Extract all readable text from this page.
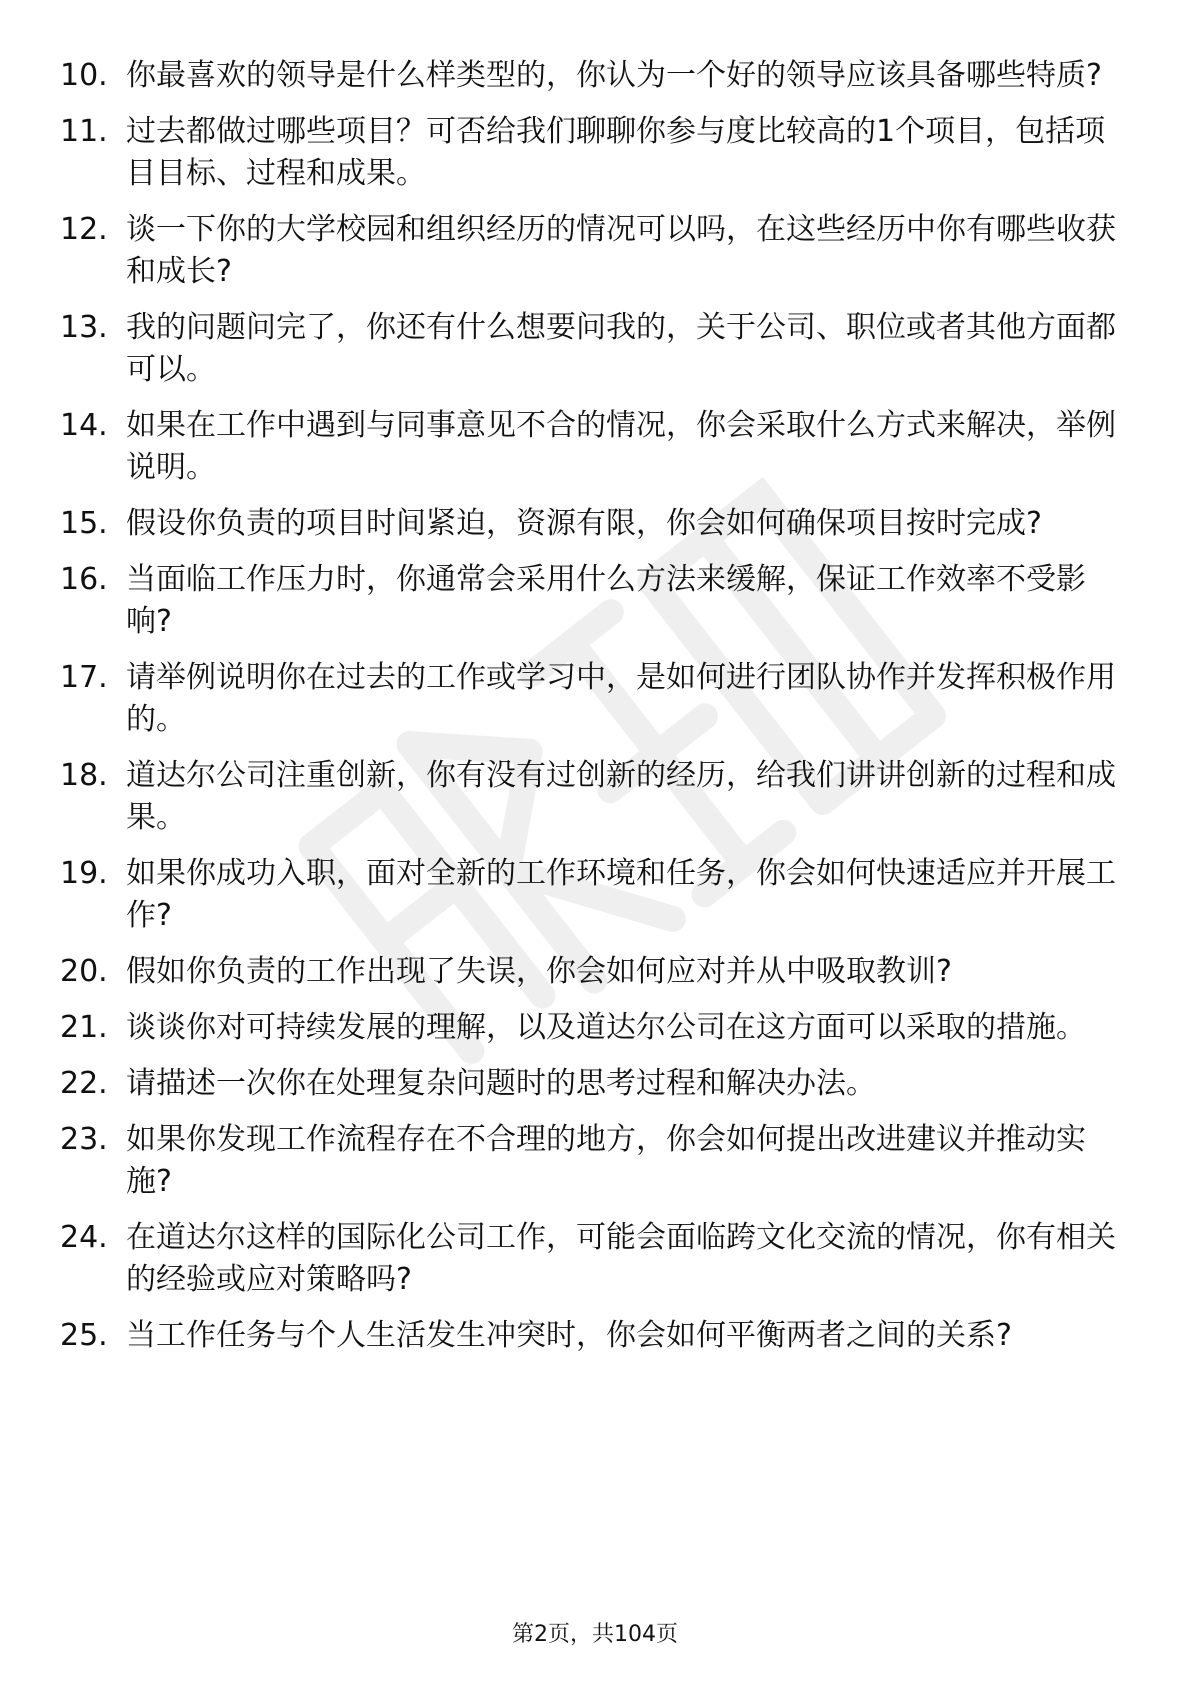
10. 你最喜欢的领导是什么样类型的，你认为一个好的领导应该具备哪些特质?
11. 过去都做过哪些项目？可否给我们聊聊你参与度比较高的1个项目，包括项目目标、过程和成果。
12. 谈一下你的大学校园和组织经历的情况可以吗，在这些经历中你有哪些收获和成长?
13. 我的问题问完了，你还有什么想要问我的，关于公司、职位或者其他方面都可以。
14. 如果在工作中遇到与同事意见不合的情况，你会采取什么方式来解决，举例说明。
15. 假设你负责的项目时间紧迫，资源有限，你会如何确保项目按时完成?
16. 当面临工作压力时，你通常会采用什么方法来缓解，保证工作效率不受影响?
17. 请举例说明你在过去的工作或学习中，是如何进行团队协作并发挥积极作用的。
18. 道达尔公司注重创新，你有没有过创新的经历，给我们讲讲创新的过程和成果。
19. 如果你成功入职，面对全新的工作环境和任务，你会如何快速适应并开展工作?
20. 假如你负责的工作出现了失误，你会如何应对并从中吸取教训?
21. 谈谈你对可持续发展的理解，以及道达尔公司在这方面可以采取的措施。
22. 请描述一次你在处理复杂问题时的思考过程和解决办法。
23. 如果你发现工作流程存在不合理的地方，你会如何提出改进建议并推动实施?
24. 在道达尔这样的国际化公司工作，可能会面临跨文化交流的情况，你有相关的经验或应对策略吗?
25. 当工作任务与个人生活发生冲突时，你会如何平衡两者之间的关系?
第2页，共104页
